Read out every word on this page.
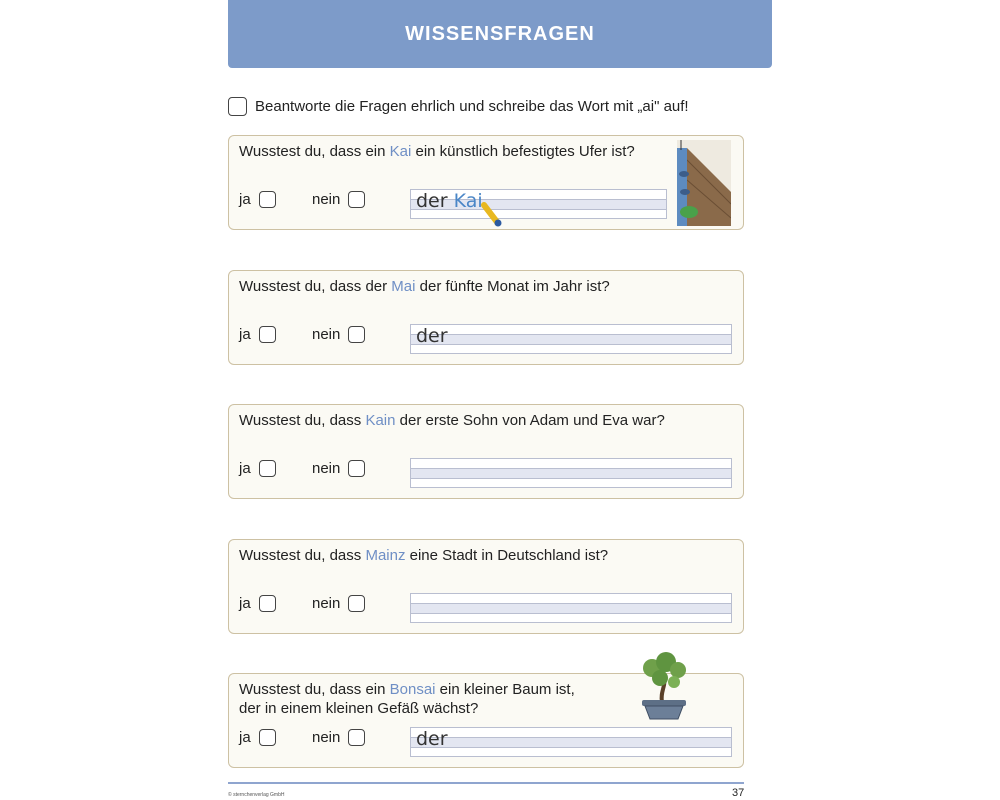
WISSENSFRAGEN
Beantworte die Fragen ehrlich und schreibe das Wort mit „ai" auf!
Wusstest du, dass ein Kai ein künstlich befestigtes Ufer ist?
ja	nein	der Kai
Wusstest du, dass der Mai der fünfte Monat im Jahr ist?
ja	nein	der
Wusstest du, dass Kain der erste Sohn von Adam und Eva war?
ja	nein
Wusstest du, dass Mainz eine Stadt in Deutschland ist?
ja	nein
Wusstest du, dass ein Bonsai ein kleiner Baum ist,
der in einem kleinen Gefäß wächst?
ja	nein	der
© sternchenverlag GmbH	37
